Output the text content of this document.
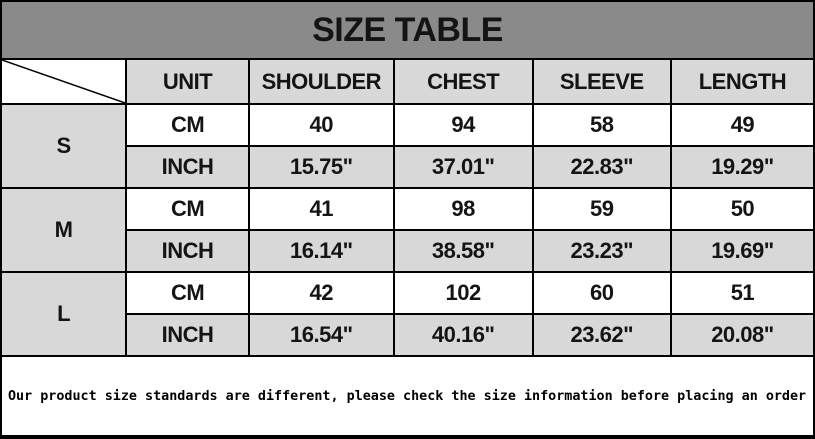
SIZE TABLE
	UNIT	SHOULDER	CHEST	SLEEVE	LENGTH
S	CM	40	94	58	49
	INCH	15.75"	37.01"	22.83"	19.29"
M	CM	41	98	59	50
	INCH	16.14"	38.58"	23.23"	19.69"
L	CM	42	102	60	51
	INCH	16.54"	40.16"	23.62"	20.08"
Our product size standards are different, please check the size information before placing an order
